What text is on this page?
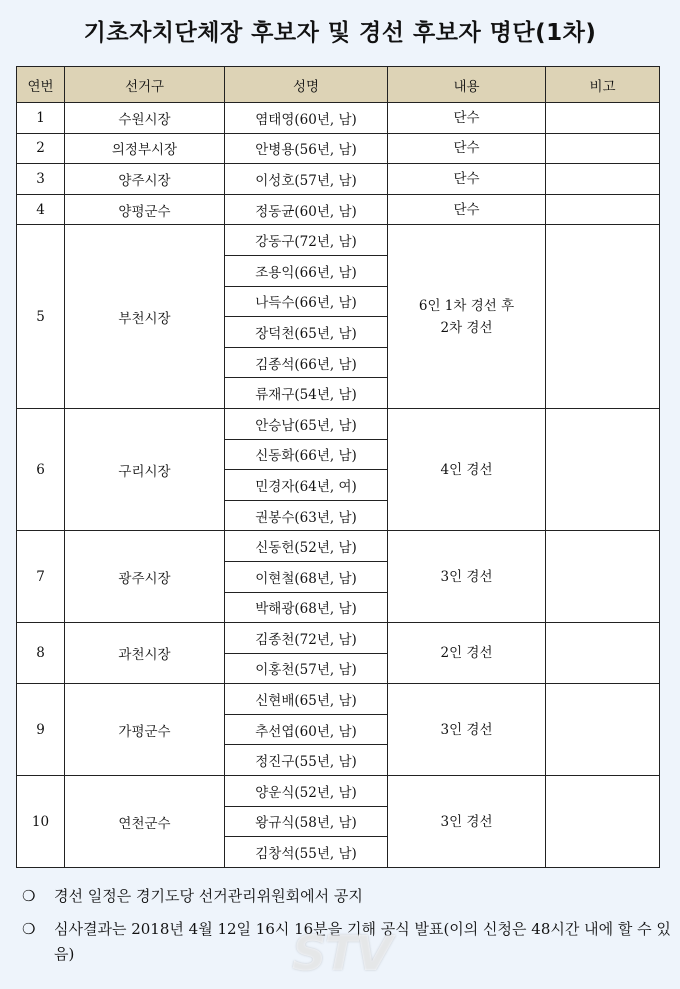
기초자치단체장 후보자 및 경선 후보자 명단(1차)
연번	선거구	성명	내용	비고
1	수원시장	염태영(60년, 남)	단수	

2	의정부시장	안병용(56년, 남)	단수	

3	양주시장	이성호(57년, 남)	단수	

4	양평군수	정동균(60년, 남)	단수	

5	부천시장	강동구(72년, 남)	6인 1차 경선 후
2차 경선	

		조용익(66년, 남)		
		나득수(66년, 남)		
		장덕천(65년, 남)		
		김종석(66년, 남)		
		류재구(54년, 남)		
6	구리시장	안승남(65년, 남)	4인 경선	

		신동화(66년, 남)		
		민경자(64년, 여)		
		권봉수(63년, 남)		
7	광주시장	신동헌(52년, 남)	3인 경선	

		이현철(68년, 남)		
		박해광(68년, 남)		
8	과천시장	김종천(72년, 남)	2인 경선	

		이홍천(57년, 남)		
9	가평군수	신현배(65년, 남)	3인 경선	

		추선엽(60년, 남)		
		정진구(55년, 남)		
10	연천군수	양운식(52년, 남)	3인 경선	

		왕규식(58년, 남)		
		김창석(55년, 남)		
❍	경선 일정은 경기도당 선거관리위원회에서 공지
❍	심사결과는 2018년 4월 12일 16시 16분을 기해 공식 발표(이의 신청은 48시간 내에 할 수 있음)	STV
